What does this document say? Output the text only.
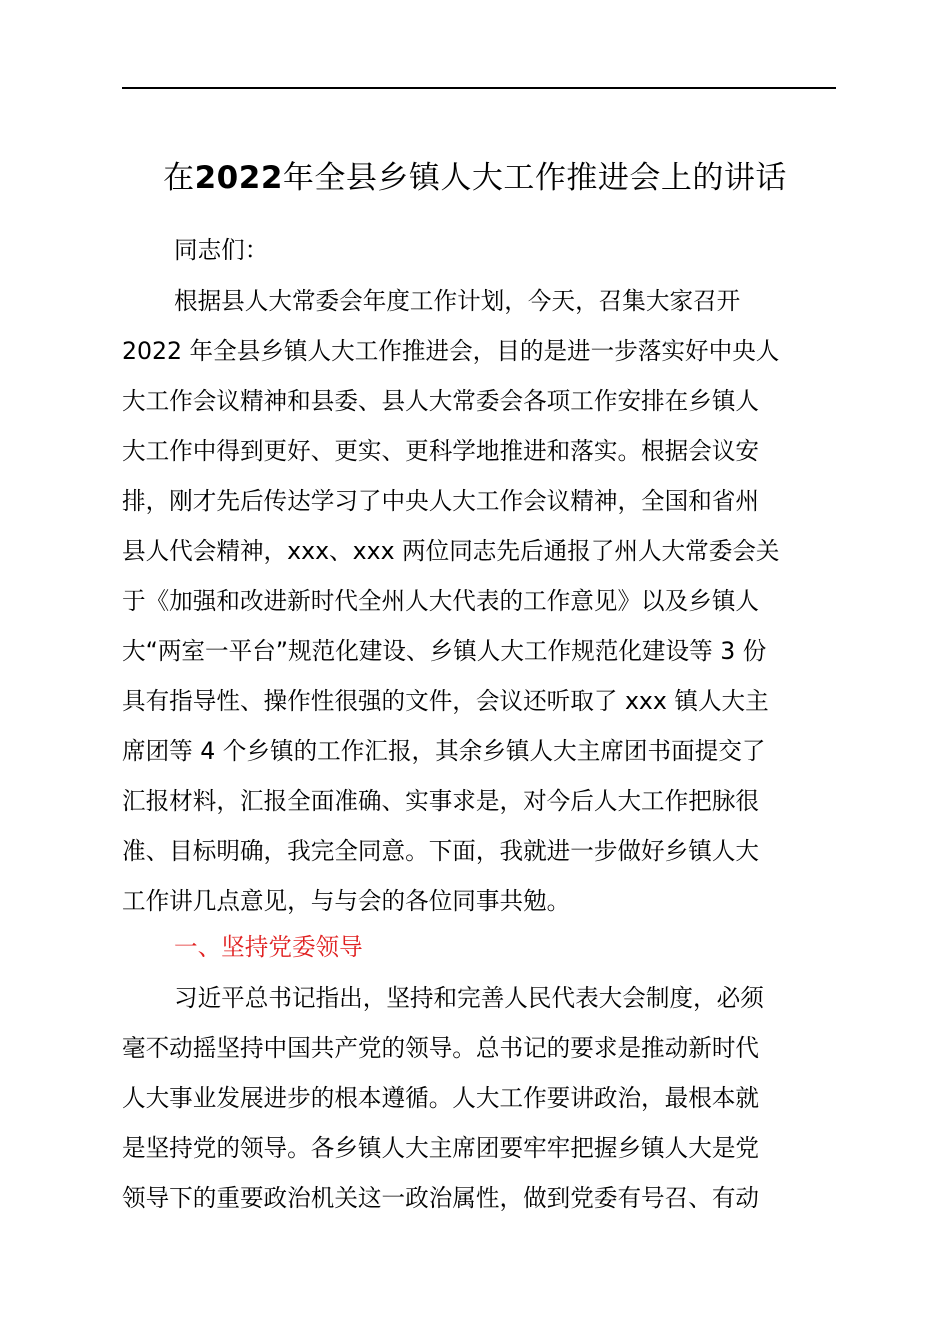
在2022年全县乡镇人大工作推进会上的讲话
同志们：
根据县人大常委会年度工作计划，今天，召集大家召开
2022 年全县乡镇人大工作推进会，目的是进一步落实好中央人
大工作会议精神和县委、县人大常委会各项工作安排在乡镇人
大工作中得到更好、更实、更科学地推进和落实。根据会议安
排，刚才先后传达学习了中央人大工作会议精神，全国和省州
县人代会精神，xxx、xxx 两位同志先后通报了州人大常委会关
于《加强和改进新时代全州人大代表的工作意见》以及乡镇人
大“两室一平台”规范化建设、乡镇人大工作规范化建设等 3 份
具有指导性、操作性很强的文件，会议还听取了 xxx 镇人大主
席团等 4 个乡镇的工作汇报，其余乡镇人大主席团书面提交了
汇报材料，汇报全面准确、实事求是，对今后人大工作把脉很
准、目标明确，我完全同意。下面，我就进一步做好乡镇人大
工作讲几点意见，与与会的各位同事共勉。
一、坚持党委领导
习近平总书记指出，坚持和完善人民代表大会制度，必须
毫不动摇坚持中国共产党的领导。总书记的要求是推动新时代
人大事业发展进步的根本遵循。人大工作要讲政治，最根本就
是坚持党的领导。各乡镇人大主席团要牢牢把握乡镇人大是党
领导下的重要政治机关这一政治属性，做到党委有号召、有动
